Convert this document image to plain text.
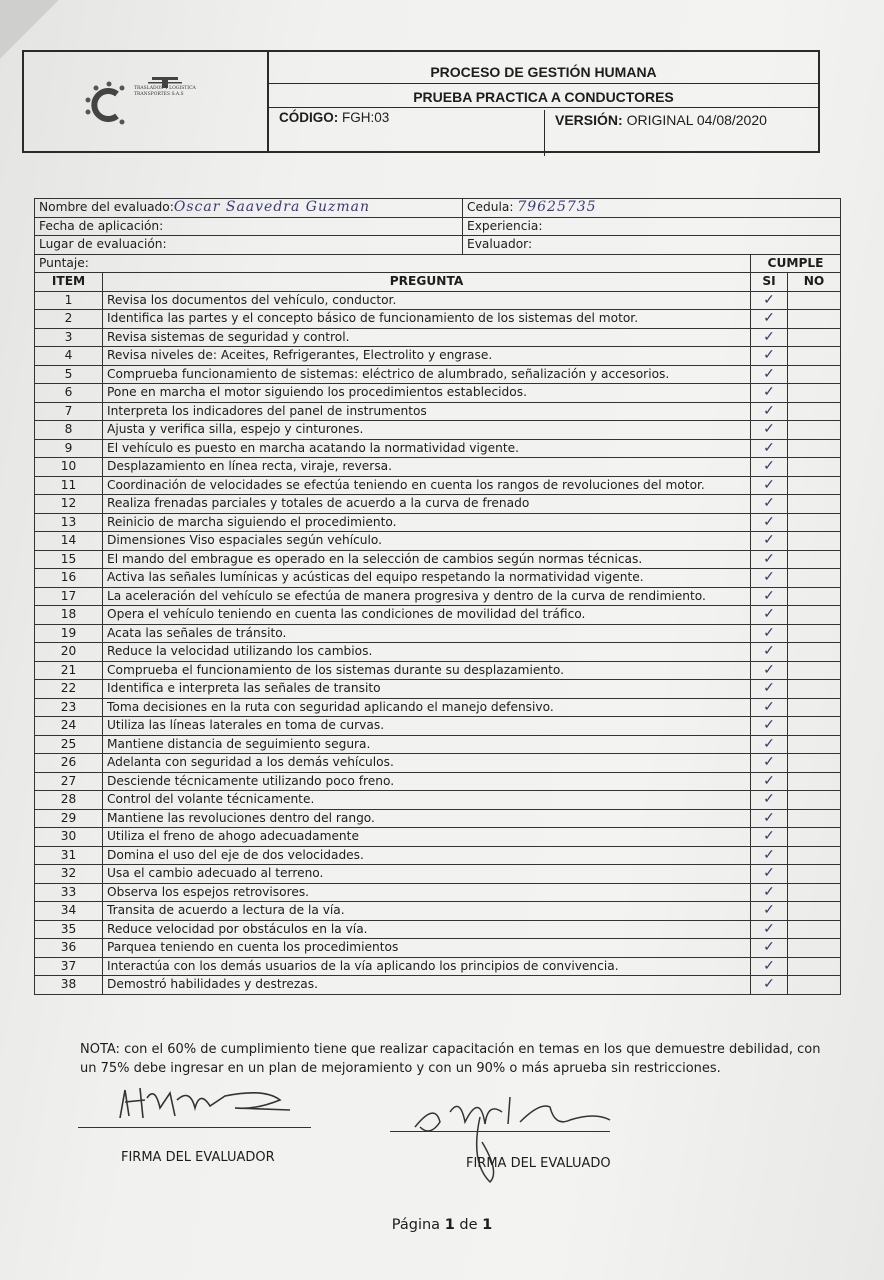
TRASLADOS Y LOGISTICA
TRANSPORTES S.A.S
PROCESO DE GESTIÓN HUMANA
PRUEBA PRACTICA A CONDUCTORES
CÓDIGO: FGH:03	VERSIÓN: ORIGINAL 04/08/2020
Nombre del evaluado:Oscar Saavedra Guzman		Cedula: 79625735		
Fecha de aplicación:		Experiencia:		
Lugar de evaluación:		Evaluador:		
Puntaje:			CUMPLE	
ITEM	PREGUNTA		SI	NO
1	Revisa los documentos del vehículo, conductor.		✓	
2	Identifica las partes y el concepto básico de funcionamiento de los sistemas del motor.		✓	
3	Revisa sistemas de seguridad y control.		✓	
4	Revisa niveles de: Aceites, Refrigerantes, Electrolito y engrase.		✓	
5	Comprueba funcionamiento de sistemas: eléctrico de alumbrado, señalización y accesorios.		✓	
6	Pone en marcha el motor siguiendo los procedimientos establecidos.		✓	
7	Interpreta los indicadores del panel de instrumentos		✓	
8	Ajusta y verifica silla, espejo y cinturones.		✓	
9	El vehículo es puesto en marcha acatando la normatividad vigente.		✓	
10	Desplazamiento en línea recta, viraje, reversa.		✓	
11	Coordinación de velocidades se efectúa teniendo en cuenta los rangos de revoluciones del motor.		✓	
12	Realiza frenadas parciales y totales de acuerdo a la curva de frenado		✓	
13	Reinicio de marcha siguiendo el procedimiento.		✓	
14	Dimensiones Viso espaciales según vehículo.		✓	
15	El mando del embrague es operado en la selección de cambios según normas técnicas.		✓	
16	Activa las señales lumínicas y acústicas del equipo respetando la normatividad vigente.		✓	
17	La aceleración del vehículo se efectúa de manera progresiva y dentro de la curva de rendimiento.		✓	
18	Opera el vehículo teniendo en cuenta las condiciones de movilidad del tráfico.		✓	
19	Acata las señales de tránsito.		✓	
20	Reduce la velocidad utilizando los cambios.		✓	
21	Comprueba el funcionamiento de los sistemas durante su desplazamiento.		✓	
22	Identifica e interpreta las señales de transito		✓	
23	Toma decisiones en la ruta con seguridad aplicando el manejo defensivo.		✓	
24	Utiliza las líneas laterales en toma de curvas.		✓	
25	Mantiene distancia de seguimiento segura.		✓	
26	Adelanta con seguridad a los demás vehículos.		✓	
27	Desciende técnicamente utilizando poco freno.		✓	
28	Control del volante técnicamente.		✓	
29	Mantiene las revoluciones dentro del rango.		✓	
30	Utiliza el freno de ahogo adecuadamente		✓	
31	Domina el uso del eje de dos velocidades.		✓	
32	Usa el cambio adecuado al terreno.		✓	
33	Observa los espejos retrovisores.		✓	
34	Transita de acuerdo a lectura de la vía.		✓	
35	Reduce velocidad por obstáculos en la vía.		✓	
36	Parquea teniendo en cuenta los procedimientos		✓	
37	Interactúa con los demás usuarios de la vía aplicando los principios de convivencia.		✓	
38	Demostró habilidades y destrezas.		✓	
NOTA: con el 60% de cumplimiento tiene que realizar capacitación en temas en los que demuestre debilidad, con un 75% debe ingresar en un plan de mejoramiento y con un 90% o más aprueba sin restricciones.
FIRMA DEL EVALUADOR	FIRMA DEL EVALUADO
Página 1 de 1
